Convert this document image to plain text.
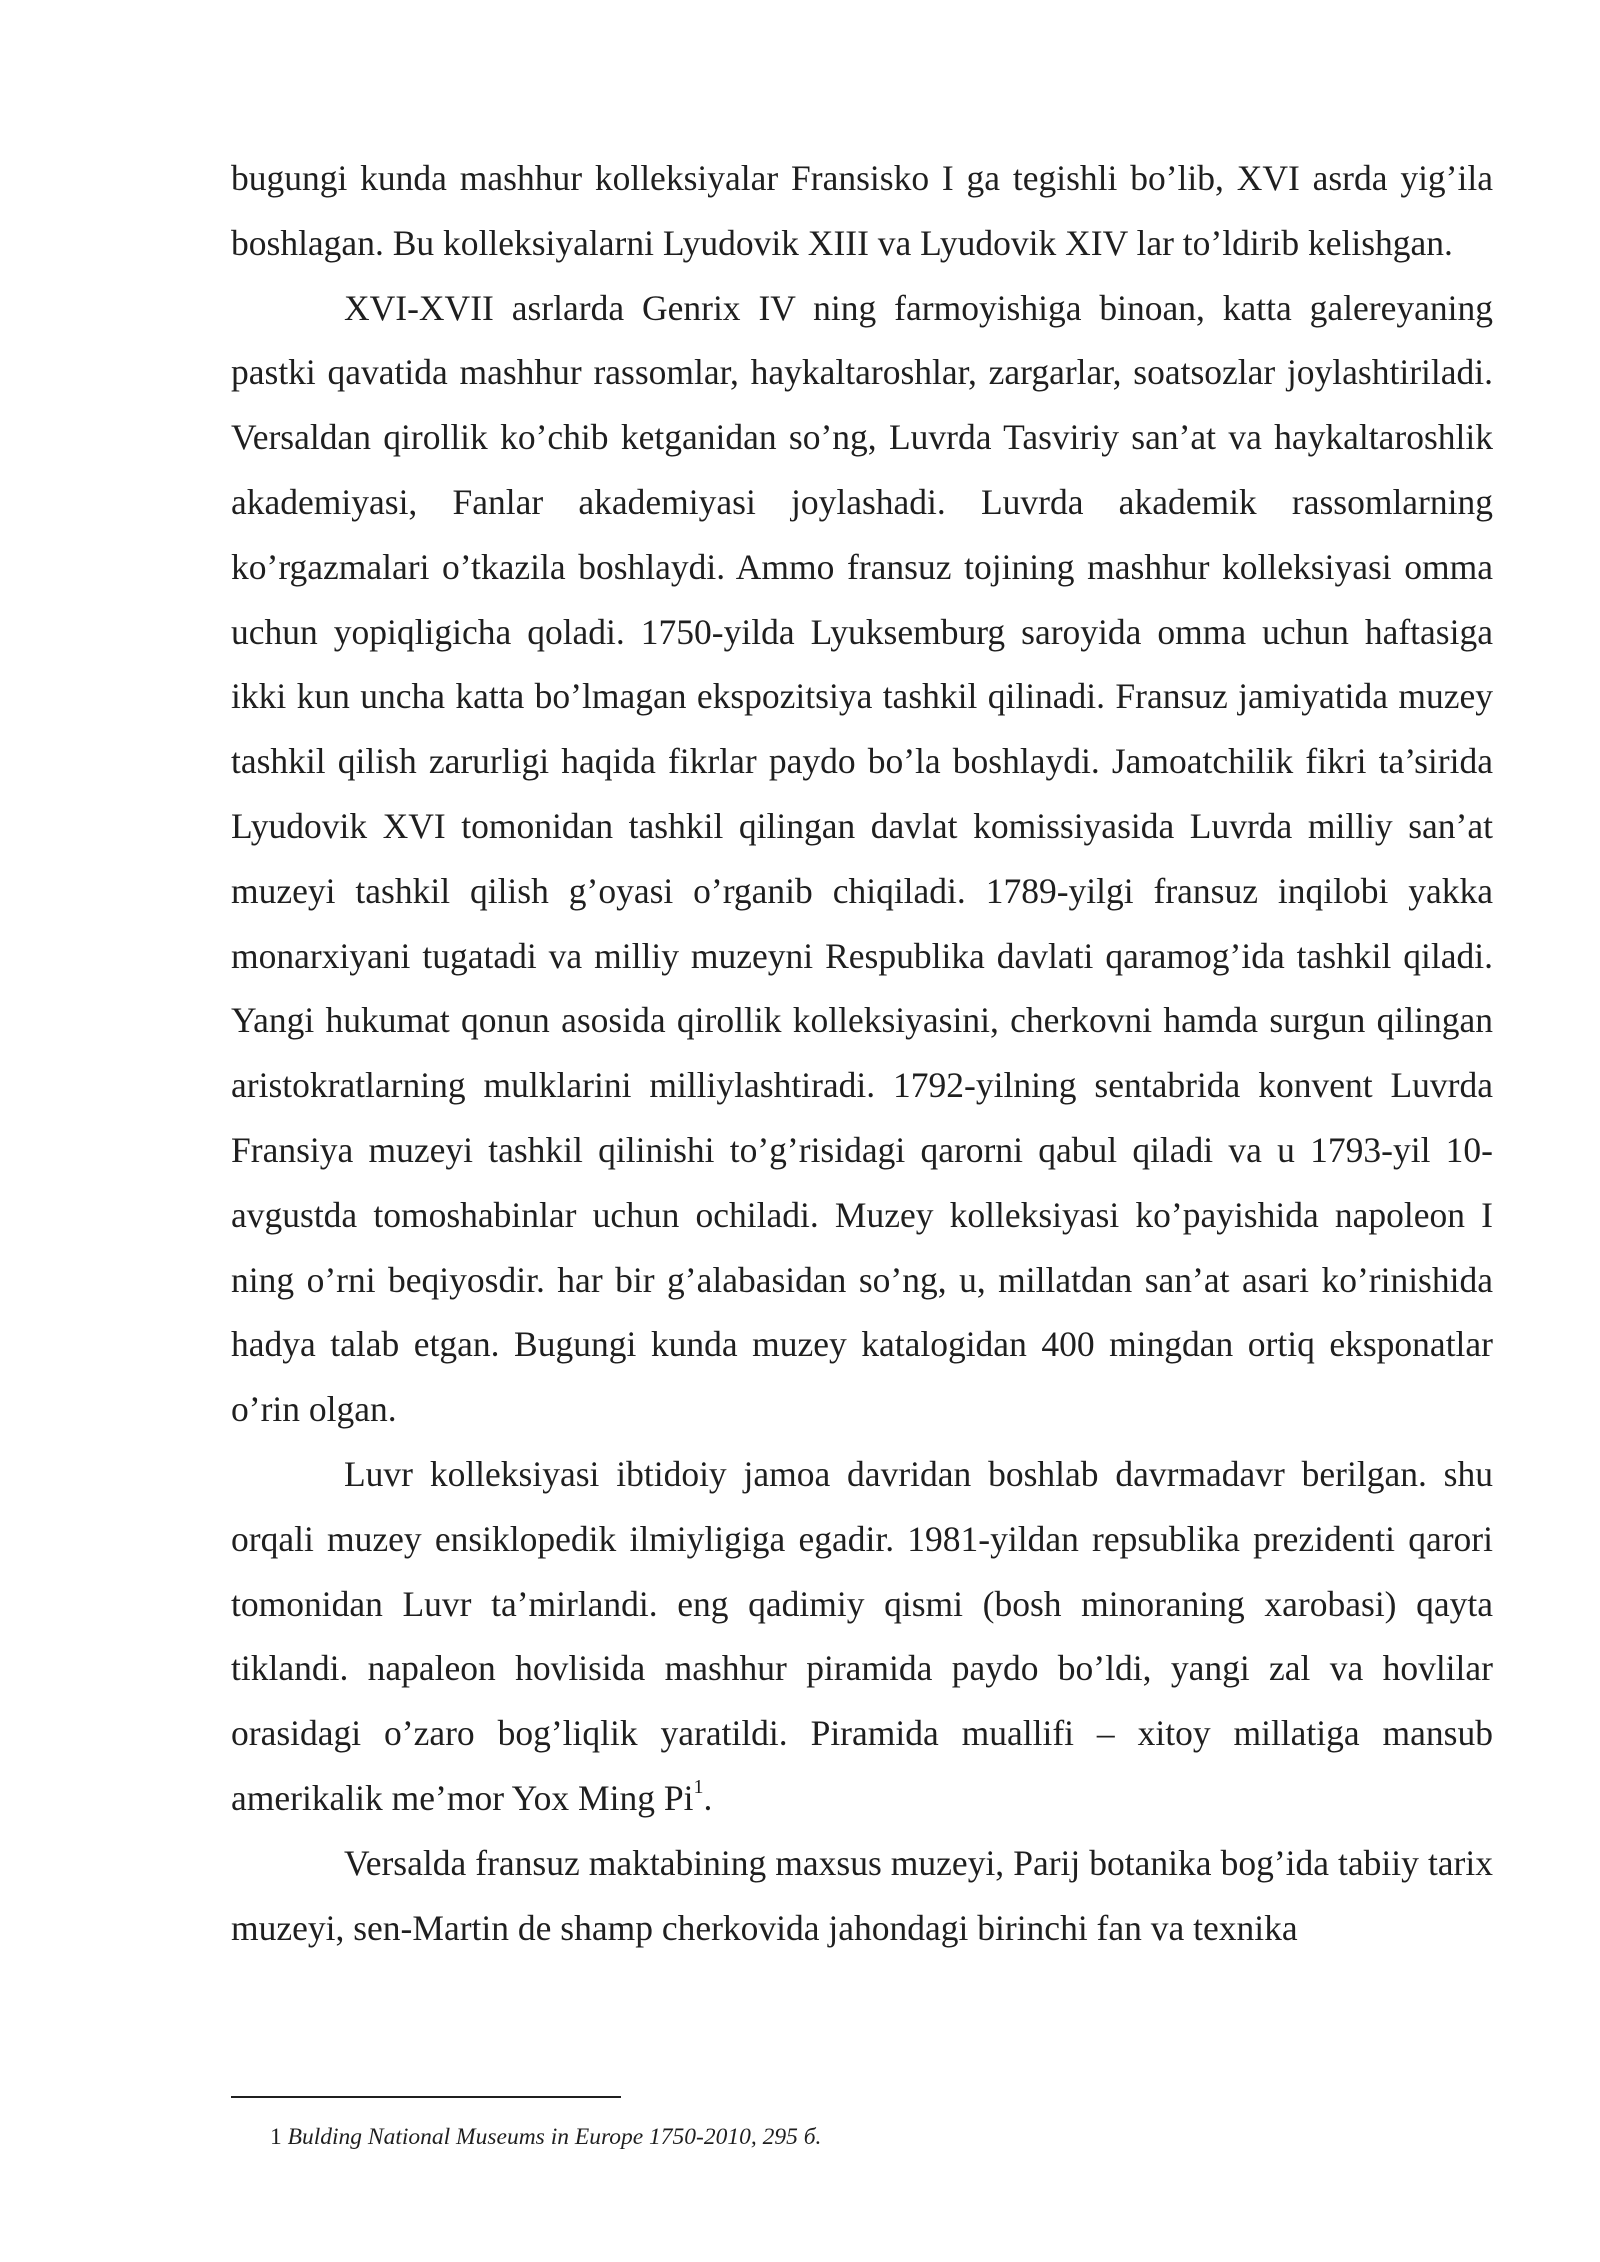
bugungi kunda mashhur kolleksiyalar Fransisko I ga tegishli bo’lib, XVI asrda yig’ila boshlagan. Bu kolleksiyalarni Lyudovik XIII va Lyudovik XIV lar to’ldirib kelishgan.

XVI-XVII asrlarda Genrix IV ning farmoyishiga binoan, katta galereyaning pastki qavatida mashhur rassomlar, haykaltaroshlar, zargarlar, soatsozlar joylashtiriladi. Versaldan qirollik ko’chib ketganidan so’ng, Luvrda Tasviriy san’at va haykaltaroshlik akademiyasi, Fanlar akademiyasi joylashadi. Luvrda akademik rassomlarning ko’rgazmalari o’tkazila boshlaydi. Ammo fransuz tojining mashhur kolleksiyasi omma uchun yopiqligicha qoladi. 1750-yilda Lyuksemburg saroyida omma uchun haftasiga ikki kun uncha katta bo’lmagan ekspozitsiya tashkil qilinadi. Fransuz jamiyatida muzey tashkil qilish zarurligi haqida fikrlar paydo bo’la boshlaydi. Jamoatchilik fikri ta’sirida Lyudovik XVI tomonidan tashkil qilingan davlat komissiyasida Luvrda milliy san’at muzeyi tashkil qilish g’oyasi o’rganib chiqiladi. 1789-yilgi fransuz inqilobi yakka monarxiyani tugatadi va milliy muzeyni Respublika davlati qaramog’ida tashkil qiladi. Yangi hukumat qonun asosida qirollik kolleksiyasini, cherkovni hamda surgun qilingan aristokratlarning mulklarini milliylashtiradi. 1792-yilning sentabrida konvent Luvrda Fransiya muzeyi tashkil qilinishi to’g’risidagi qarorni qabul qiladi va u 1793-yil 10-avgustda tomoshabinlar uchun ochiladi. Muzey kolleksiyasi ko’payishida napoleon I ning o’rni beqiyosdir. har bir g’alabasidan so’ng, u, millatdan san’at asari ko’rinishida hadya talab etgan. Bugungi kunda muzey katalogidan 400 mingdan ortiq eksponatlar o’rin olgan.

Luvr kolleksiyasi ibtidoiy jamoa davridan boshlab davrmadavr berilgan. shu orqali muzey ensiklopedik ilmiyligiga egadir. 1981-yildan repsublika prezidenti qarori tomonidan Luvr ta’mirlandi. eng qadimiy qismi (bosh minoraning xarobasi) qayta tiklandi. napaleon hovlisida mashhur piramida paydo bo’ldi, yangi zal va hovlilar orasidagi o’zaro bog’liqlik yaratildi. Piramida muallifi – xitoy millatiga mansub amerikalik me’mor Yox Ming Pi$^1$.

Versalda fransuz maktabining maxsus muzeyi, Parij botanika bog’ida tabiiy tarix muzeyi, sen-Martin de shamp cherkovida jahondagi birinchi fan va texnika

1 Bulding National Museums in Europe 1750-2010, 295 б.
